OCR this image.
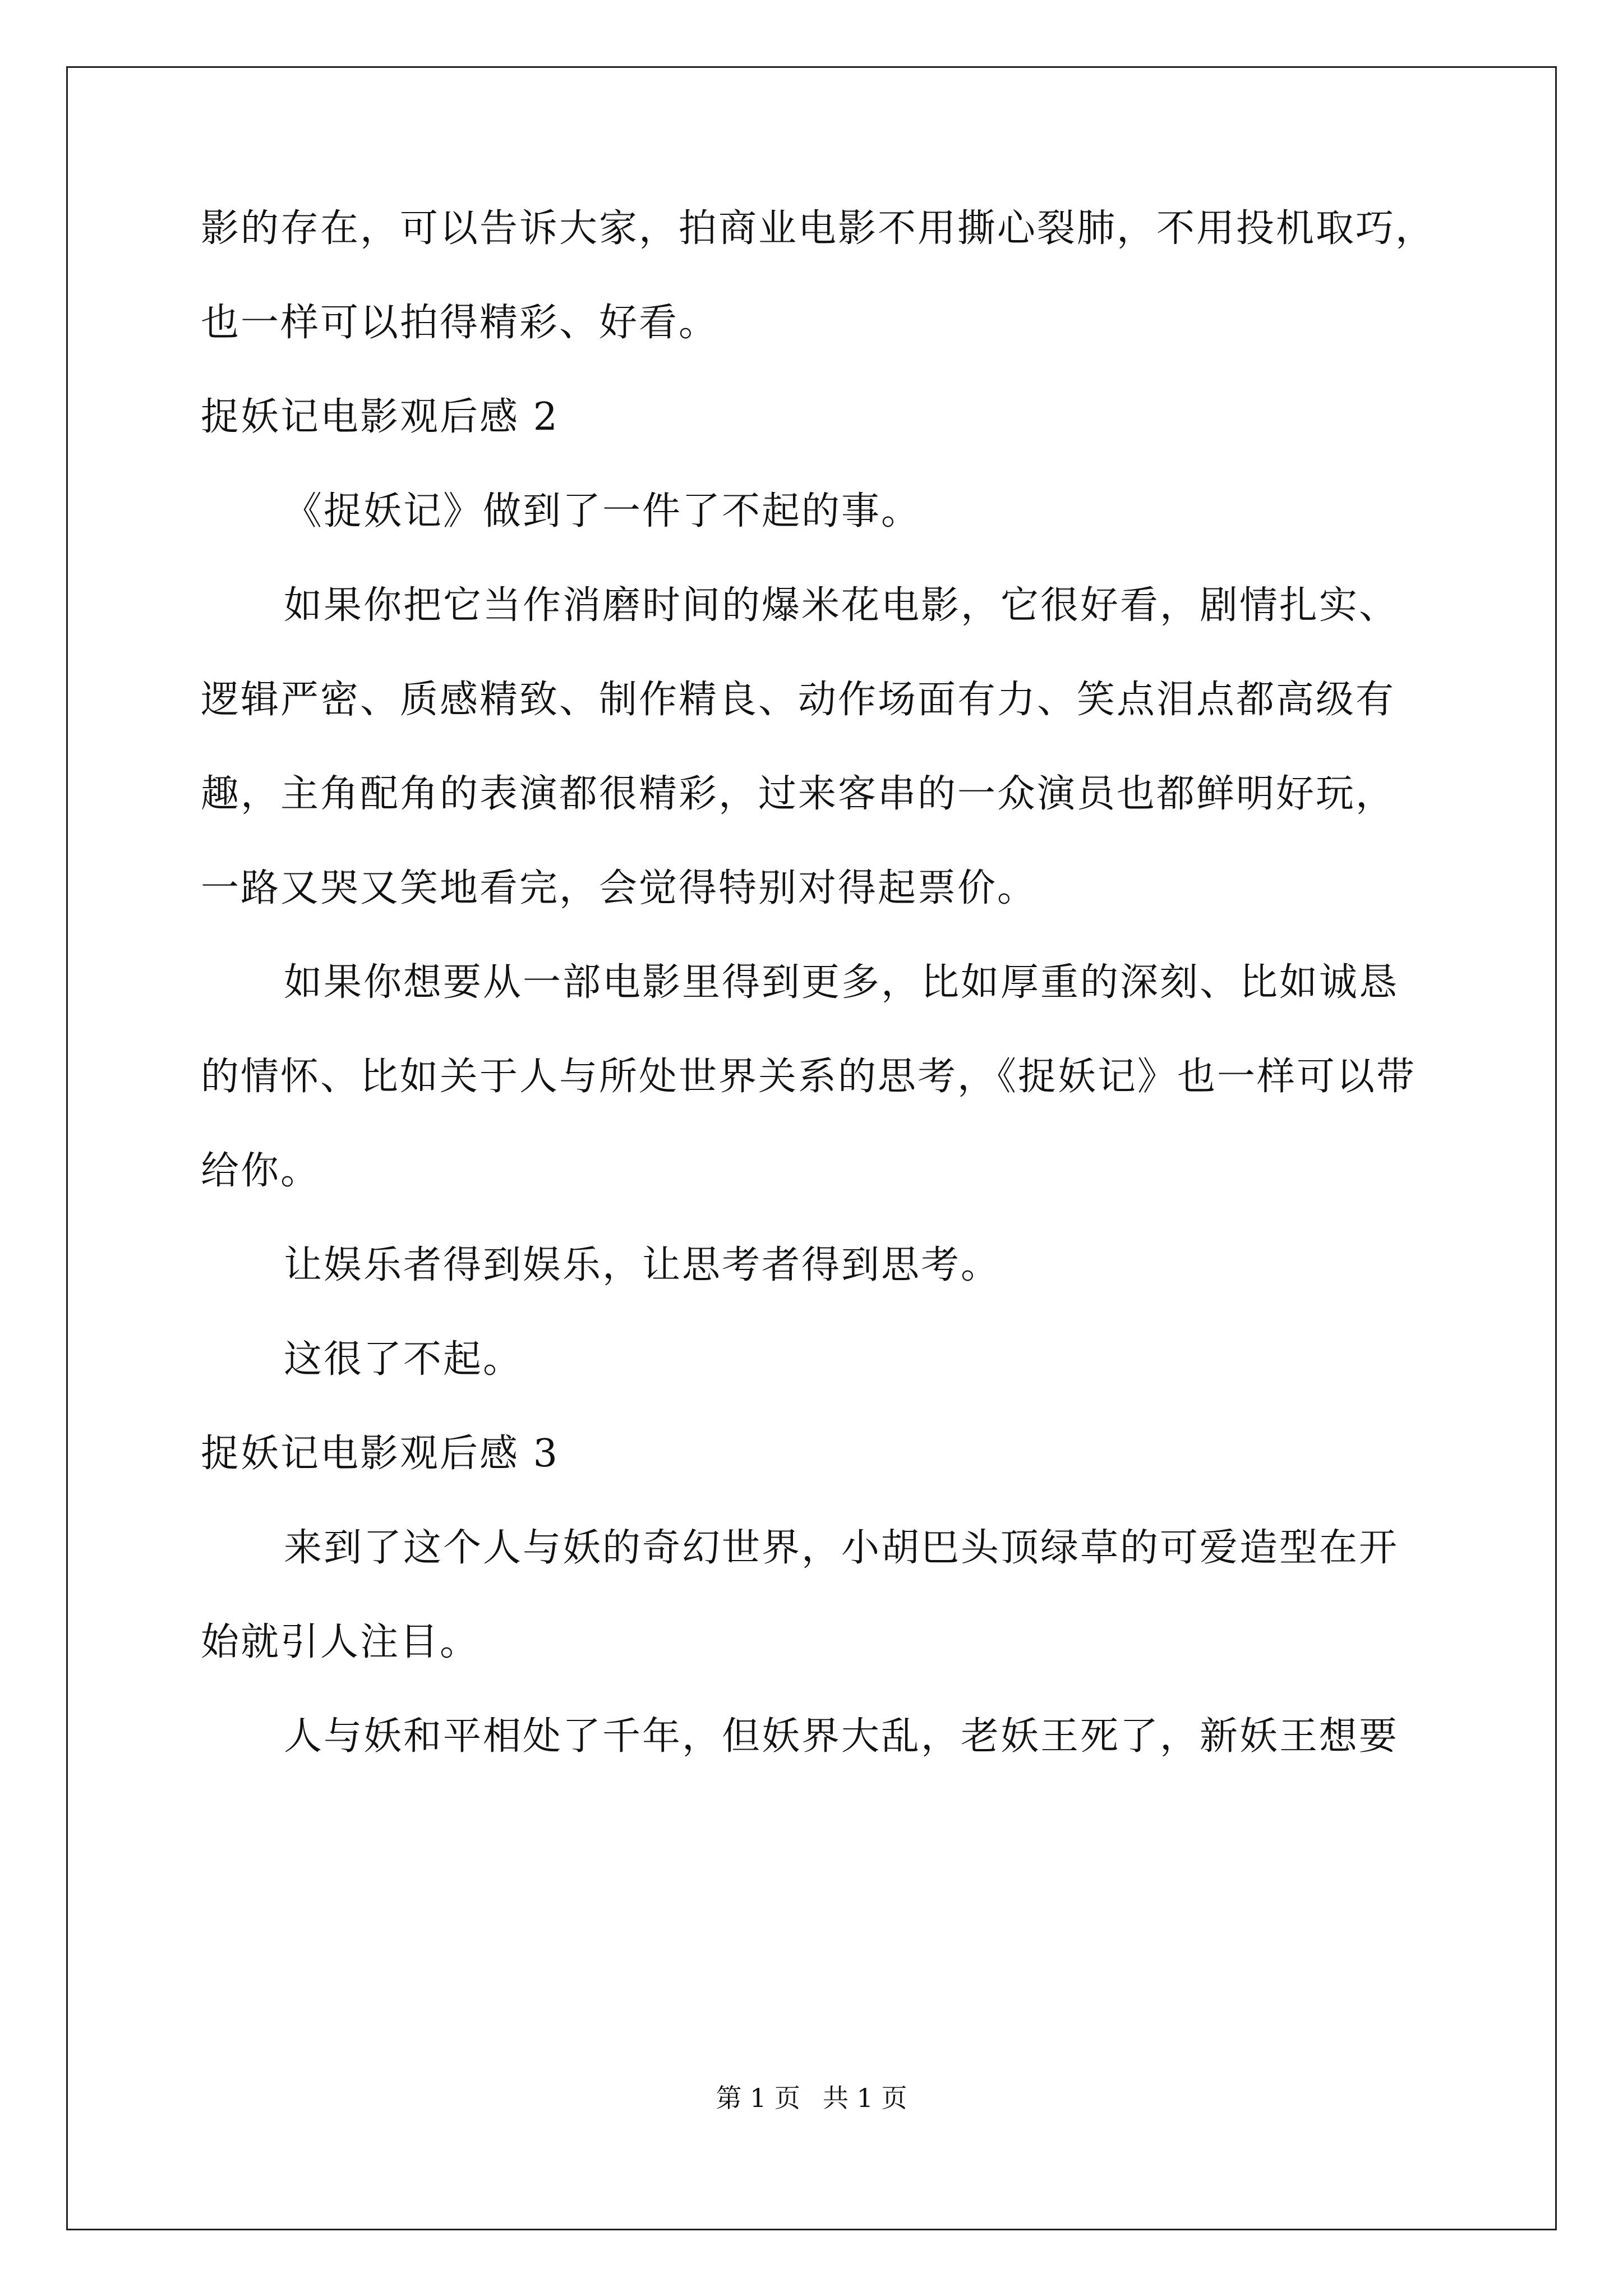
影的存在，可以告诉大家，拍商业电影不用撕心裂肺，不用投机取巧，
也一样可以拍得精彩、好看。
捉妖记电影观后感 2
《捉妖记》做到了一件了不起的事。
如果你把它当作消磨时间的爆米花电影，它很好看，剧情扎实、
逻辑严密、质感精致、制作精良、动作场面有力、笑点泪点都高级有
趣，主角配角的表演都很精彩，过来客串的一众演员也都鲜明好玩，
一路又哭又笑地看完，会觉得特别对得起票价。
如果你想要从一部电影里得到更多，比如厚重的深刻、比如诚恳
的情怀、比如关于人与所处世界关系的思考，《捉妖记》也一样可以带
给你。
让娱乐者得到娱乐，让思考者得到思考。
这很了不起。
捉妖记电影观后感 3
来到了这个人与妖的奇幻世界，小胡巴头顶绿草的可爱造型在开
始就引人注目。
人与妖和平相处了千年，但妖界大乱，老妖王死了，新妖王想要
第 1 页 共 1 页
